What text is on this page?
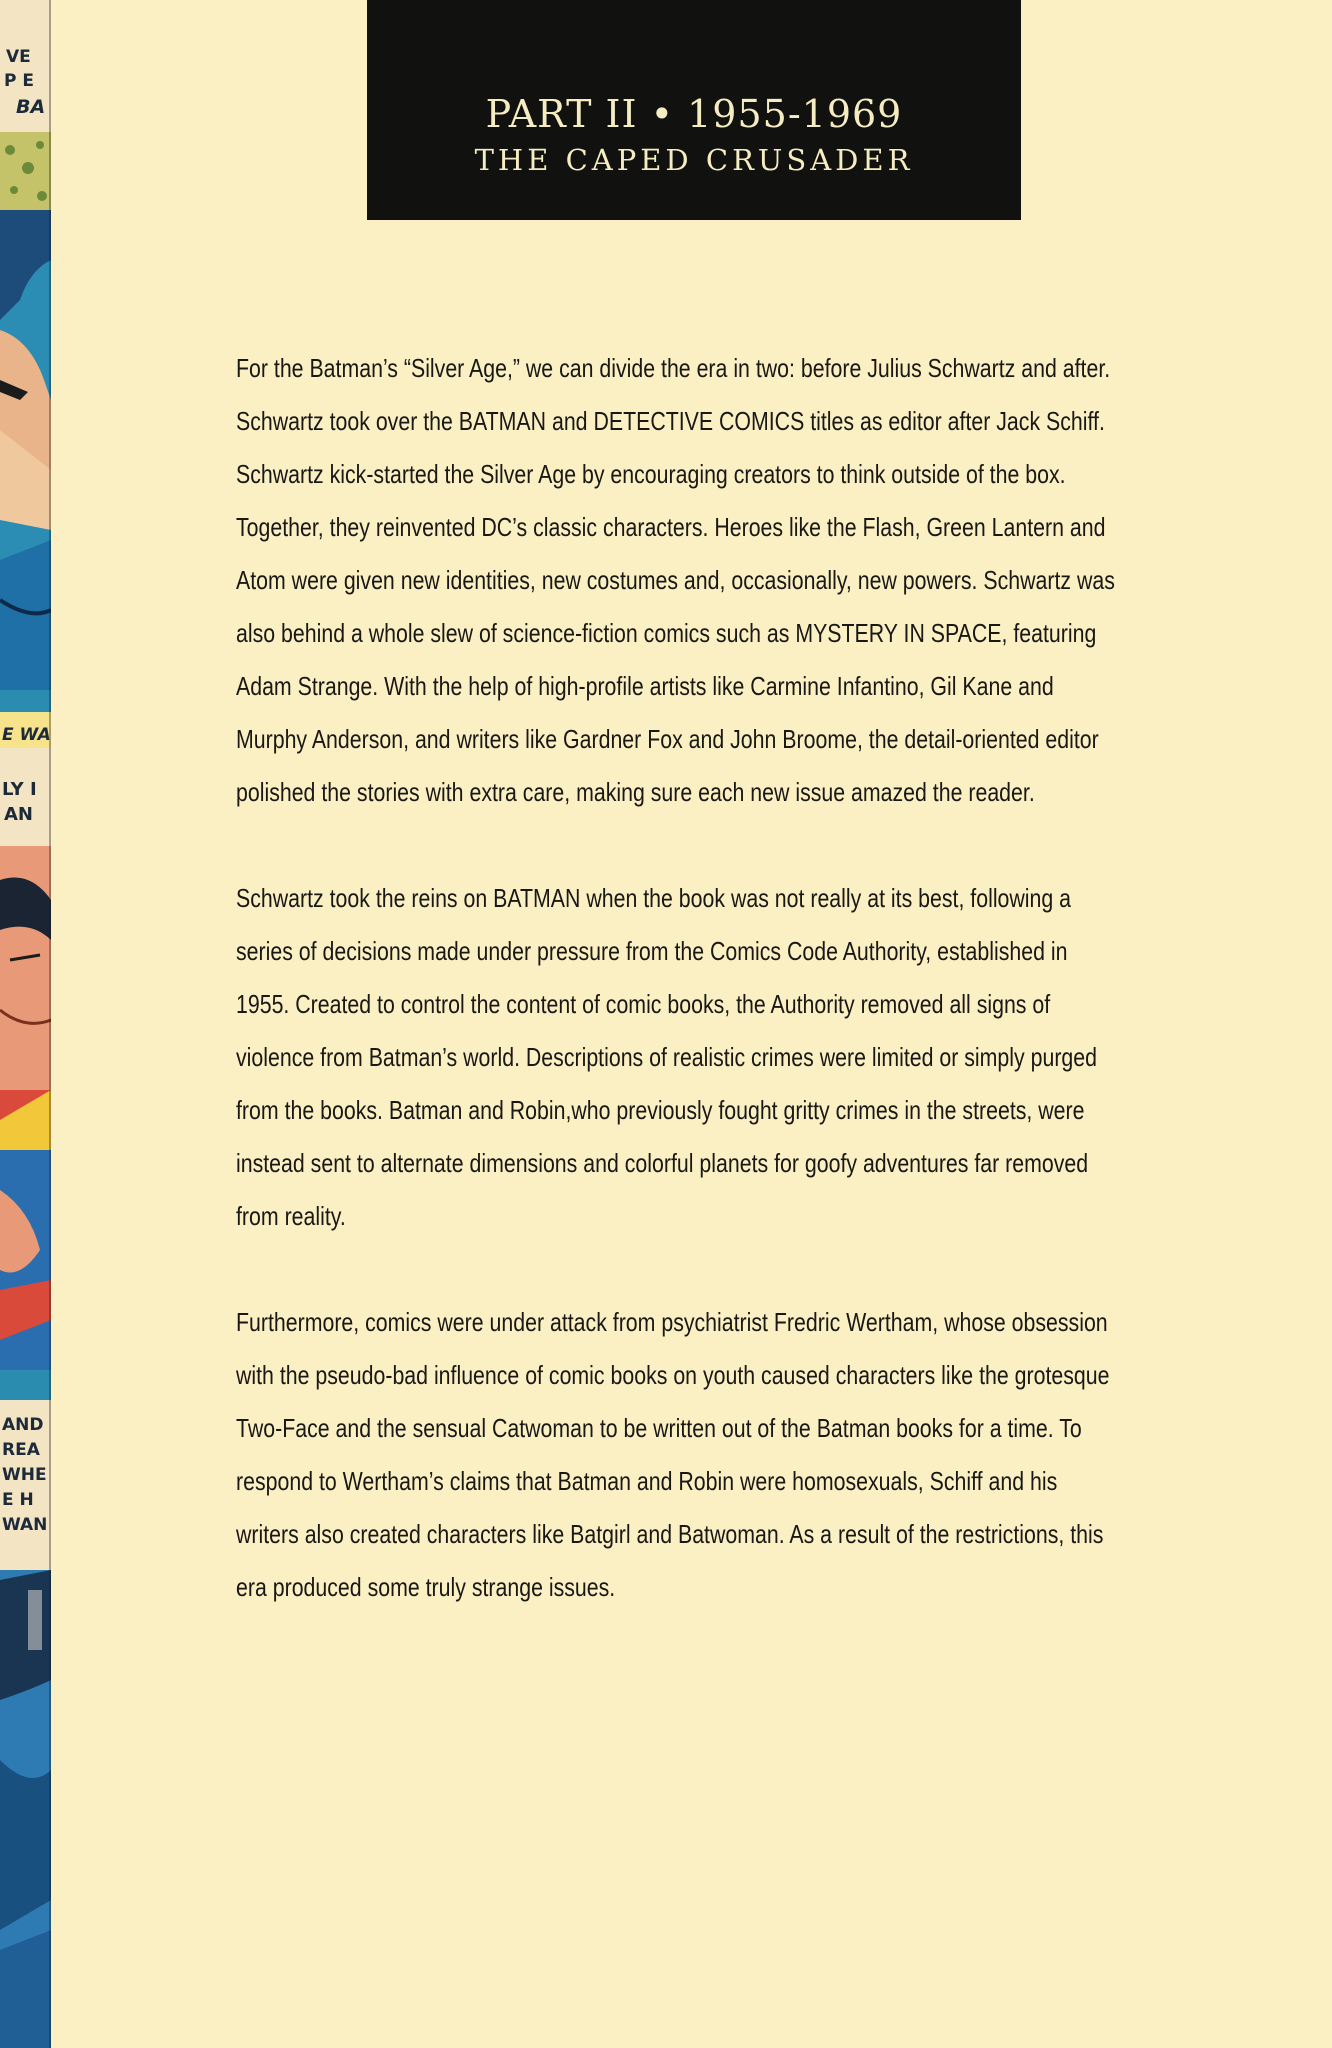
VE
P E
BA
E WA
LY I
AN
AND
REA
WHE
E H
WAN
PART II • 1955-1969
THE CAPED CRUSADER

For the Batman’s “Silver Age,” we can divide the era in two: before Julius Schwartz and after. Schwartz took over the BATMAN and DETECTIVE COMICS titles as editor after Jack Schiff. Schwartz kick-started the Silver Age by encouraging creators to think outside of the box. Together, they reinvented DC’s classic characters. Heroes like the Flash, Green Lantern and Atom were given new identities, new costumes and, occasionally, new powers. Schwartz was also behind a whole slew of science-fiction comics such as MYSTERY IN SPACE, featuring Adam Strange. With the help of high-profile artists like Carmine Infantino, Gil Kane and Murphy Anderson, and writers like Gardner Fox and John Broome, the detail-oriented editor polished the stories with extra care, making sure each new issue amazed the reader.

Schwartz took the reins on BATMAN when the book was not really at its best, following a series of decisions made under pressure from the Comics Code Authority, established in 1955. Created to control the content of comic books, the Authority removed all signs of violence from Batman’s world. Descriptions of realistic crimes were limited or simply purged from the books. Batman and Robin,who previously fought gritty crimes in the streets, were instead sent to alternate dimensions and colorful planets for goofy adventures far removed from reality.

Furthermore, comics were under attack from psychiatrist Fredric Wertham, whose obsession with the pseudo-bad influence of comic books on youth caused characters like the grotesque Two-Face and the sensual Catwoman to be written out of the Batman books for a time. To respond to Wertham’s claims that Batman and Robin were homosexuals, Schiff and his writers also created characters like Batgirl and Batwoman. As a result of the restrictions, this era produced some truly strange issues.
